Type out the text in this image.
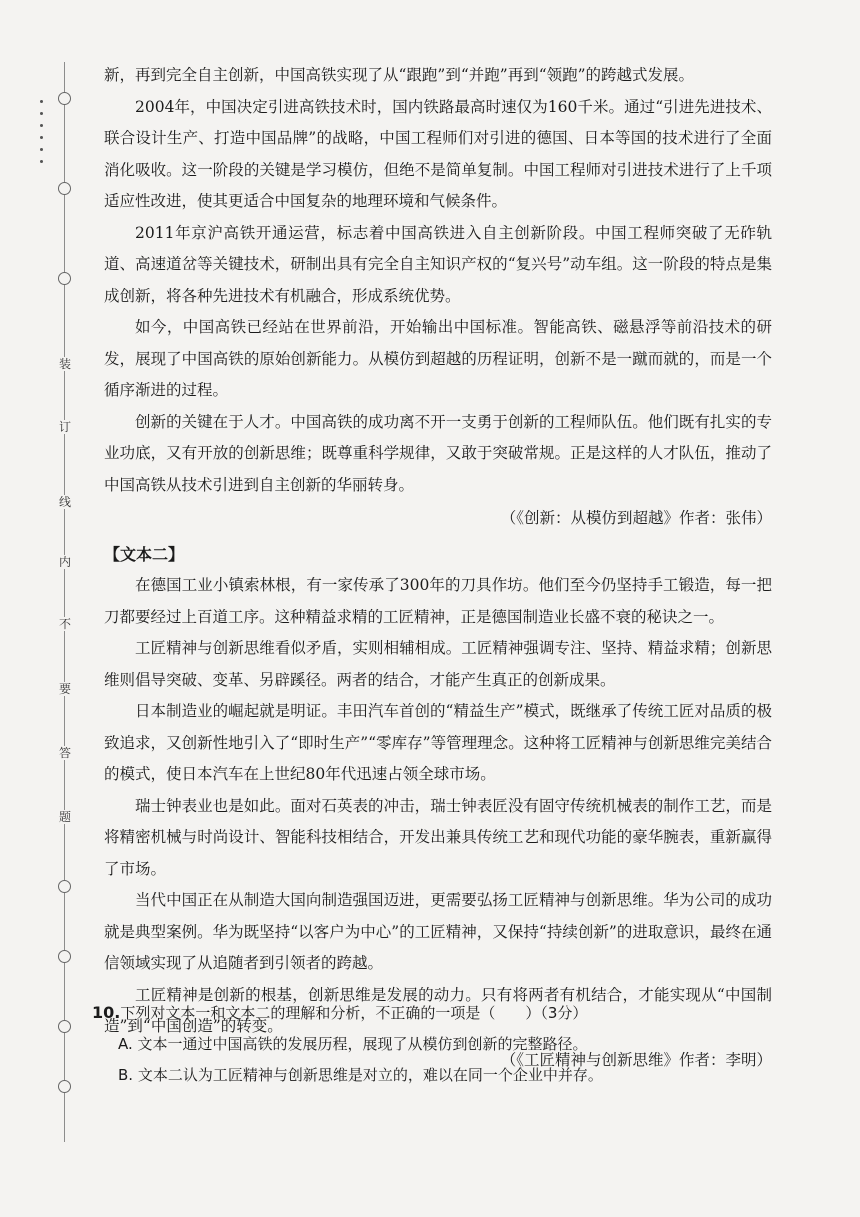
装
订
线
内
不
要
答
题

新，再到完全自主创新，中国高铁实现了从“跟跑”到“并跑”再到“领跑”的跨越式发展。

2004年，中国决定引进高铁技术时，国内铁路最高时速仅为160千米。通过“引进先进技术、联合设计生产、打造中国品牌”的战略，中国工程师们对引进的德国、日本等国的技术进行了全面消化吸收。这一阶段的关键是学习模仿，但绝不是简单复制。中国工程师对引进技术进行了上千项适应性改进，使其更适合中国复杂的地理环境和气候条件。

2011年京沪高铁开通运营，标志着中国高铁进入自主创新阶段。中国工程师突破了无砟轨道、高速道岔等关键技术，研制出具有完全自主知识产权的“复兴号”动车组。这一阶段的特点是集成创新，将各种先进技术有机融合，形成系统优势。

如今，中国高铁已经站在世界前沿，开始输出中国标准。智能高铁、磁悬浮等前沿技术的研发，展现了中国高铁的原始创新能力。从模仿到超越的历程证明，创新不是一蹴而就的，而是一个循序渐进的过程。

创新的关键在于人才。中国高铁的成功离不开一支勇于创新的工程师队伍。他们既有扎实的专业功底，又有开放的创新思维；既尊重科学规律，又敢于突破常规。正是这样的人才队伍，推动了中国高铁从技术引进到自主创新的华丽转身。

（《创新：从模仿到超越》作者：张伟）

【文本二】

在德国工业小镇索林根，有一家传承了300年的刀具作坊。他们至今仍坚持手工锻造，每一把刀都要经过上百道工序。这种精益求精的工匠精神，正是德国制造业长盛不衰的秘诀之一。

工匠精神与创新思维看似矛盾，实则相辅相成。工匠精神强调专注、坚持、精益求精；创新思维则倡导突破、变革、另辟蹊径。两者的结合，才能产生真正的创新成果。

日本制造业的崛起就是明证。丰田汽车首创的“精益生产”模式，既继承了传统工匠对品质的极致追求，又创新性地引入了“即时生产”“零库存”等管理理念。这种将工匠精神与创新思维完美结合的模式，使日本汽车在上世纪80年代迅速占领全球市场。

瑞士钟表业也是如此。面对石英表的冲击，瑞士钟表匠没有固守传统机械表的制作工艺，而是将精密机械与时尚设计、智能科技相结合，开发出兼具传统工艺和现代功能的豪华腕表，重新赢得了市场。

当代中国正在从制造大国向制造强国迈进，更需要弘扬工匠精神与创新思维。华为公司的成功就是典型案例。华为既坚持“以客户为中心”的工匠精神，又保持“持续创新”的进取意识，最终在通信领域实现了从追随者到引领者的跨越。

工匠精神是创新的根基，创新思维是发展的动力。只有将两者有机结合，才能实现从“中国制造”到“中国创造”的转变。

（《工匠精神与创新思维》作者：李明）

10.下列对文本一和文本二的理解和分析，不正确的一项是（　　）（3分）
A. 文本一通过中国高铁的发展历程，展现了从模仿到创新的完整路径。
B. 文本二认为工匠精神与创新思维是对立的，难以在同一个企业中并存。
